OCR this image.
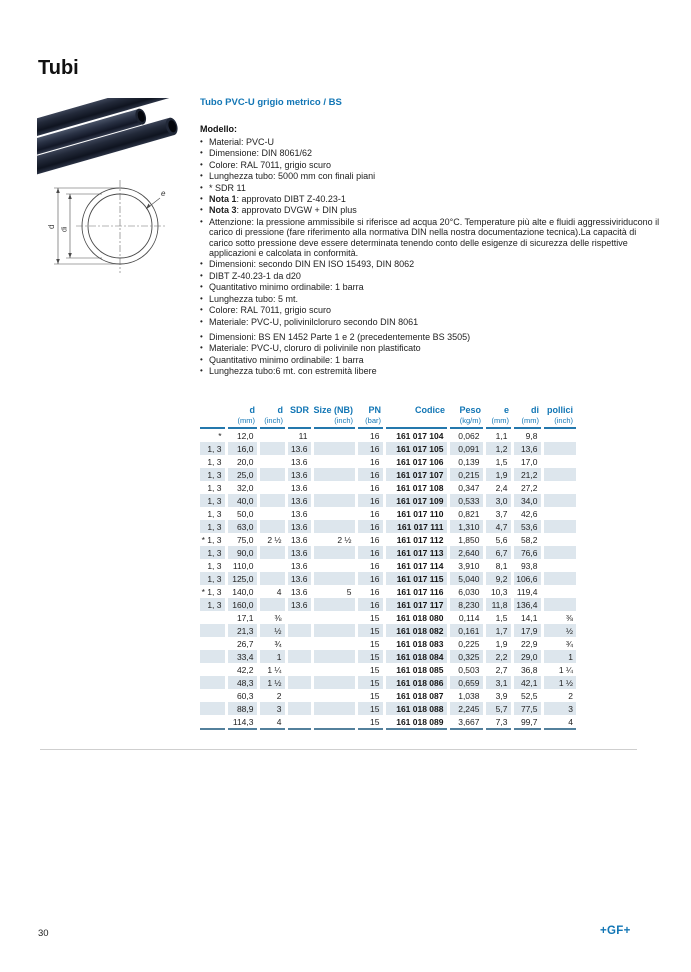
Tubi
d di
e

Tubo PVC-U grigio metrico / BS

Modello:

• Material: PVC-U
• Dimensione: DIN 8061/62
• Colore: RAL 7011, grigio scuro
• Lunghezza tubo: 5000 mm con finali piani
• * SDR 11
• Nota 1: approvato DIBT Z-40.23-1
• Nota 3: approvato DVGW + DIN plus
• Attenzione: la pressione ammissibile si riferisce ad acqua 20°C. Temperature più alte e fluidi aggressiviriducono il carico di pressione (fare riferimento alla normativa DIN nella nostra documentazione tecnica).La capacità di carico sotto pressione deve essere determinata tenendo conto delle esigenze di sicurezza delle rispettive applicazioni e calcolata in conformità.
• Dimensioni: secondo DIN EN ISO 15493, DIN 8062
• DIBT Z-40.23-1 da d20
• Quantitativo minimo ordinabile: 1 barra
• Lunghezza tubo: 5 mt.
• Colore: RAL 7011, grigio scuro
• Materiale: PVC-U, polivinilcloruro secondo DIN 8061
• Dimensioni: BS EN 1452 Parte 1 e 2 (precedentemente BS 3505)
• Materiale: PVC-U, cloruro di polivinile non plastificato
• Quantitativo minimo ordinabile: 1 barra
• Lunghezza tubo:6 mt. con estremità libere
	d	d	SDR	Size (NB)	PN	Codice	Peso	e	di	pollici
	(mm)	(inch)		(inch)	(bar)		(kg/m)	(mm)	(mm)	(inch)
*	12,0		11		16	161 017 104	0,062	1,1	9,8	
1, 3	16,0		13.6		16	161 017 105	0,091	1,2	13,6	
1, 3	20,0		13.6		16	161 017 106	0,139	1,5	17,0	
1, 3	25,0		13.6		16	161 017 107	0,215	1,9	21,2	
1, 3	32,0		13.6		16	161 017 108	0,347	2,4	27,2	
1, 3	40,0		13.6		16	161 017 109	0,533	3,0	34,0	
1, 3	50,0		13.6		16	161 017 110	0,821	3,7	42,6	
1, 3	63,0		13.6		16	161 017 111	1,310	4,7	53,6	
* 1, 3	75,0	2 ½	13.6	2 ½	16	161 017 112	1,850	5,6	58,2	
1, 3	90,0		13.6		16	161 017 113	2,640	6,7	76,6	
1, 3	110,0		13.6		16	161 017 114	3,910	8,1	93,8	
1, 3	125,0		13.6		16	161 017 115	5,040	9,2	106,6	
* 1, 3	140,0	4	13.6	5	16	161 017 116	6,030	10,3	119,4	
1, 3	160,0		13.6		16	161 017 117	8,230	11,8	136,4	
	17,1	⅜			15	161 018 080	0,114	1,5	14,1	⅜
	21,3	½			15	161 018 082	0,161	1,7	17,9	½
	26,7	¾			15	161 018 083	0,225	1,9	22,9	¾
	33,4	1			15	161 018 084	0,325	2,2	29,0	1
	42,2	1 ¼			15	161 018 085	0,503	2,7	36,8	1 ¼
	48,3	1 ½			15	161 018 086	0,659	3,1	42,1	1 ½
	60,3	2			15	161 018 087	1,038	3,9	52,5	2
	88,9	3			15	161 018 088	2,245	5,7	77,5	3
	114,3	4			15	161 018 089	3,667	7,3	99,7	4
30	+GF+
